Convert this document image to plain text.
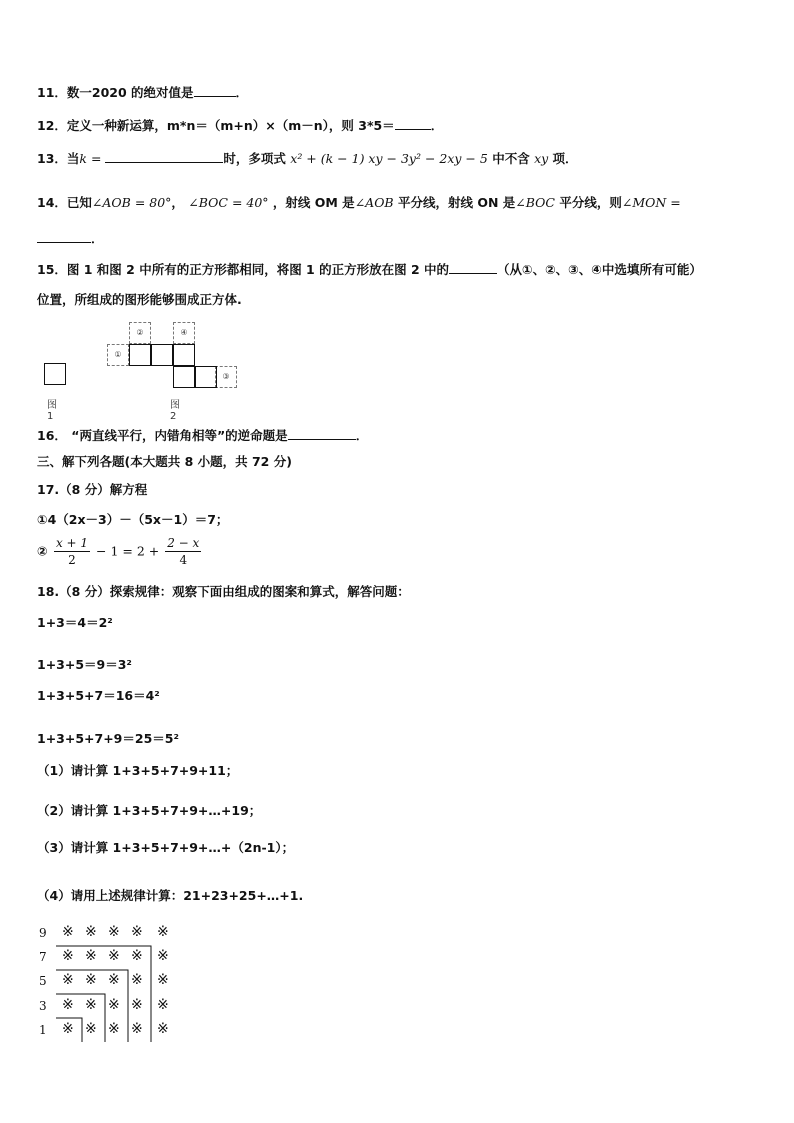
11．数一2020 的绝对值是	．
12．定义一种新运算，m*n＝（m+n）×（m－n），则 3*5＝	．
13．当k =	时，多项式 x² + (k − 1) xy − 3y² − 2xy − 5 中不含 xy 项．
14．已知∠AOB = 80°， ∠BOC = 40° ，射线 OM 是∠AOB 平分线，射线 ON 是∠BOC 平分线，则∠MON =
．
15．图 1 和图 2 中所有的正方形都相同，将图 1 的正方形放在图 2 中的	（从①、②、③、④中选填所有可能）
位置，所组成的图形能够围成正方体.
图 1
①
②	④
③
图 2
16． “两直线平行，内错角相等”的逆命题是	．
三、解下列各题(本大题共 8 小题，共 72 分)
17.（8 分）解方程
①4（2x－3）－（5x－1）＝7；
② $\frac{x + 1}{2} - 1 = 2 + \frac{2 - x}{4}$
18.（8 分）探索规律：观察下面由组成的图案和算式，解答问题：
1+3＝4＝2²
1+3+5＝9＝3²
1+3+5+7＝16＝4²
1+3+5+7+9＝25＝5²
（1）请计算 1+3+5+7+9+11；
（2）请计算 1+3+5+7+9+…+19；
（3）请计算 1+3+5+7+9+…+（2n-1）；
（4）请用上述规律计算：21+23+25+…+1.
9
7
5
3
1
※ ※ ※ ※ ※
※ ※ ※ ※ ※
※ ※ ※ ※ ※
※ ※ ※ ※ ※
※ ※ ※ ※ ※
